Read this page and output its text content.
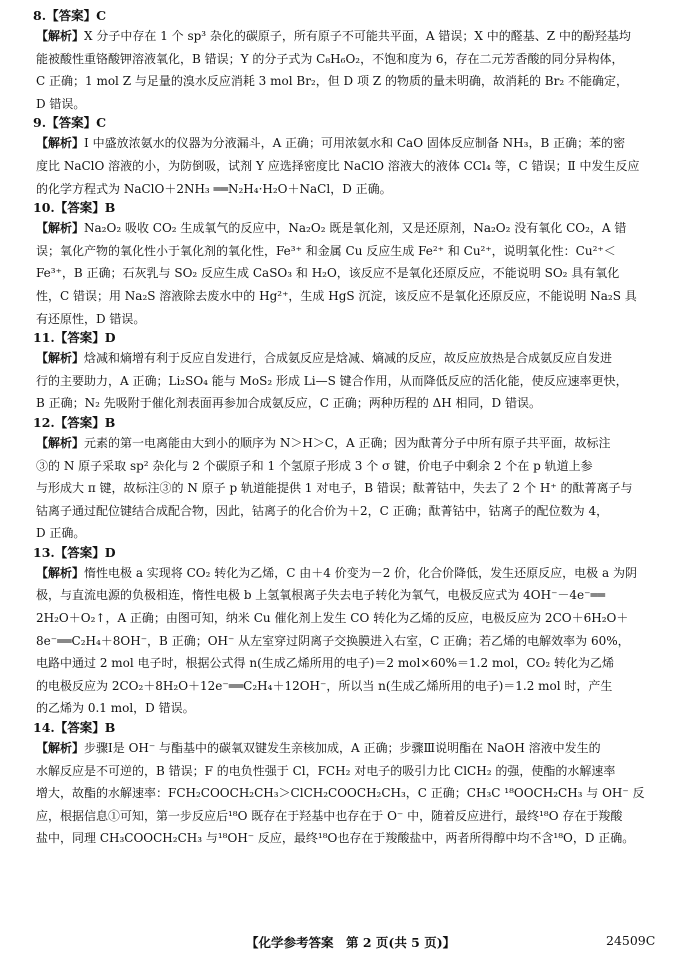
8.【答案】C
【解析】X 分子中存在 1 个 sp³ 杂化的碳原子，所有原子不可能共平面，A 错误；X 中的醛基、Z 中的酚羟基均
能被酸性重铬酸钾溶液氧化，B 错误；Y 的分子式为 C₈H₆O₂，不饱和度为 6，存在二元芳香酸的同分异构体，
C 正确；1 mol Z 与足量的溴水反应消耗 3 mol Br₂，但 D 项 Z 的物质的量未明确，故消耗的 Br₂ 不能确定，
D 错误。
9.【答案】C
【解析】Ⅰ 中盛放浓氨水的仪器为分液漏斗，A 正确；可用浓氨水和 CaO 固体反应制备 NH₃，B 正确；苯的密
度比 NaClO 溶液的小，为防倒吸，试剂 Y 应选择密度比 NaClO 溶液大的液体 CCl₄ 等，C 错误；Ⅱ 中发生反应
的化学方程式为 NaClO＋2NH₃ ══N₂H₄·H₂O＋NaCl，D 正确。
10.【答案】B
【解析】Na₂O₂ 吸收 CO₂ 生成氧气的反应中，Na₂O₂ 既是氧化剂，又是还原剂，Na₂O₂ 没有氧化 CO₂，A 错
误；氧化产物的氧化性小于氧化剂的氧化性，Fe³⁺ 和金属 Cu 反应生成 Fe²⁺ 和 Cu²⁺，说明氧化性：Cu²⁺＜
Fe³⁺，B 正确；石灰乳与 SO₂ 反应生成 CaSO₃ 和 H₂O，该反应不是氧化还原反应，不能说明 SO₂ 具有氧化
性，C 错误；用 Na₂S 溶液除去废水中的 Hg²⁺，生成 HgS 沉淀，该反应不是氧化还原反应，不能说明 Na₂S 具
有还原性，D 错误。
11.【答案】D
【解析】焓减和熵增有利于反应自发进行，合成氨反应是焓减、熵减的反应，故反应放热是合成氨反应自发进
行的主要助力，A 正确；Li₂SO₄ 能与 MoS₂ 形成 Li—S 键合作用，从而降低反应的活化能，使反应速率更快，
B 正确；N₂ 先吸附于催化剂表面再参加合成氨反应，C 正确；两种历程的 ΔH 相同，D 错误。
12.【答案】B
【解析】元素的第一电离能由大到小的顺序为 N＞H＞C，A 正确；因为酞菁分子中所有原子共平面，故标注
③的 N 原子采取 sp² 杂化与 2 个碳原子和 1 个氢原子形成 3 个 σ 键，价电子中剩余 2 个在 p 轨道上参
与形成大 π 键，故标注③的 N 原子 p 轨道能提供 1 对电子，B 错误；酞菁钴中，失去了 2 个 H⁺ 的酞菁离子与
钴离子通过配位键结合成配合物，因此，钴离子的化合价为＋2，C 正确；酞菁钴中，钴离子的配位数为 4，
D 正确。
13.【答案】D
【解析】惰性电极 a 实现将 CO₂ 转化为乙烯，C 由＋4 价变为－2 价，化合价降低，发生还原反应，电极 a 为阴
极，与直流电源的负极相连，惰性电极 b 上氢氧根离子失去电子转化为氧气，电极反应式为 4OH⁻－4e⁻══
2H₂O＋O₂↑，A 正确；由图可知，纳米 Cu 催化剂上发生 CO 转化为乙烯的反应，电极反应为 2CO＋6H₂O＋
8e⁻══C₂H₄＋8OH⁻，B 正确；OH⁻ 从左室穿过阴离子交换膜进入右室，C 正确；若乙烯的电解效率为 60%，
电路中通过 2 mol 电子时，根据公式得 n(生成乙烯所用的电子)＝2 mol×60%＝1.2 mol，CO₂ 转化为乙烯
的电极反应为 2CO₂＋8H₂O＋12e⁻══C₂H₄＋12OH⁻，所以当 n(生成乙烯所用的电子)＝1.2 mol 时，产生
的乙烯为 0.1 mol，D 错误。
14.【答案】B
【解析】步骤Ⅰ是 OH⁻ 与酯基中的碳氧双键发生亲核加成，A 正确；步骤Ⅲ说明酯在 NaOH 溶液中发生的
水解反应是不可逆的，B 错误；F 的电负性强于 Cl，FCH₂ 对电子的吸引力比 ClCH₂ 的强，使酯的水解速率
增大，故酯的水解速率：FCH₂COOCH₂CH₃＞ClCH₂COOCH₂CH₃，C 正确；CH₃C ¹⁸OOCH₂CH₃ 与 OH⁻ 反
应，根据信息①可知，第一步反应后¹⁸O 既存在于羟基中也存在于 O⁻ 中，随着反应进行，最终¹⁸O 存在于羧酸
盐中，同理 CH₃COOCH₂CH₃ 与¹⁸OH⁻ 反应，最终¹⁸O也存在于羧酸盐中，两者所得醇中均不含¹⁸O，D 正确。
【化学参考答案　第 2 页(共 5 页)】	24509C
